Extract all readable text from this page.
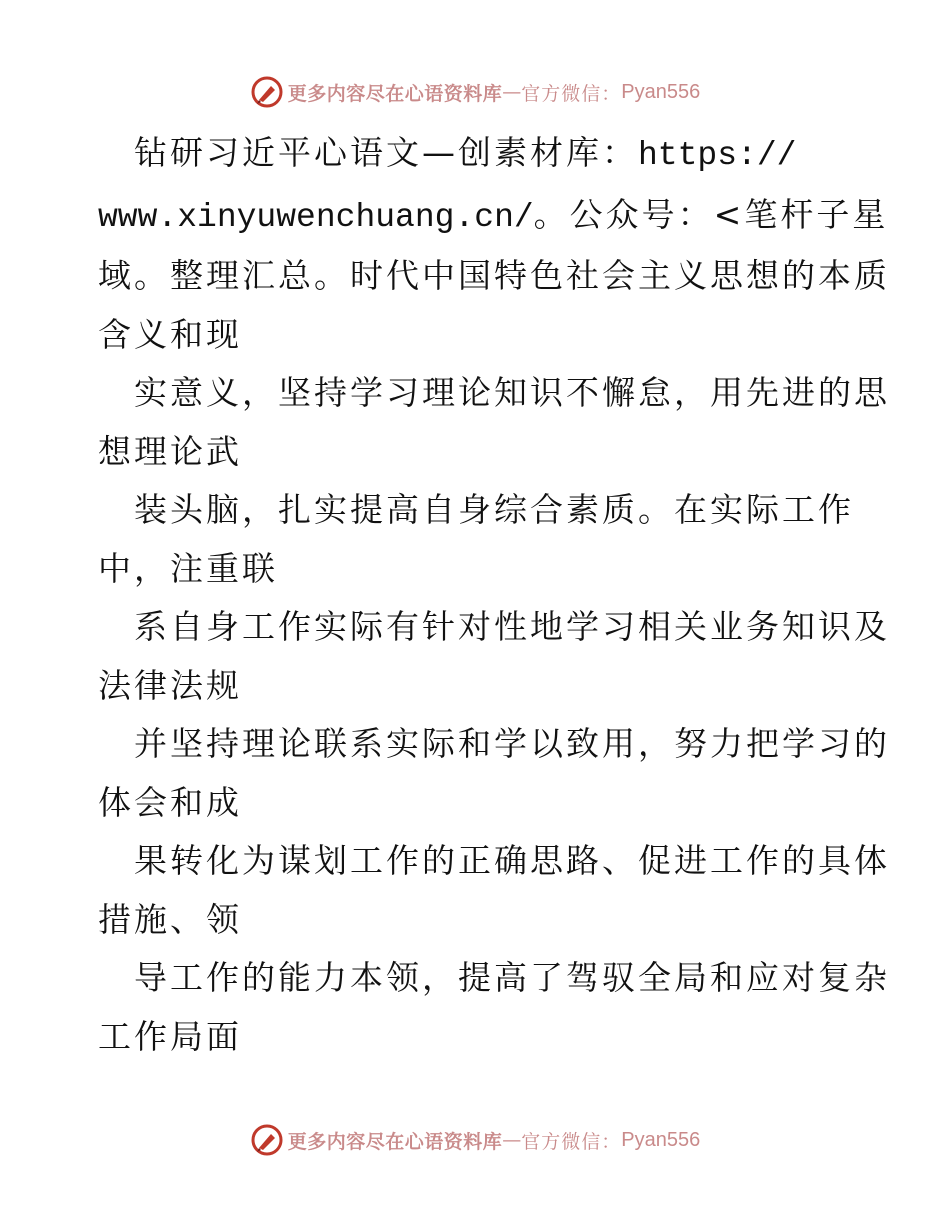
更多内容尽在心语资料库 — 官方微信： Pyan556
　钻研习近平心语文—创素材库：https://
www.xinyuwenchuang.cn/。公众号：<笔杆子星
域。整理汇总。时代中国特色社会主义思想的本质
含义和现
　实意义，坚持学习理论知识不懈怠，用先进的思
想理论武
　装头脑，扎实提高自身综合素质。在实际工作
中，注重联
　系自身工作实际有针对性地学习相关业务知识及
法律法规
　并坚持理论联系实际和学以致用，努力把学习的
体会和成
　果转化为谋划工作的正确思路、促进工作的具体
措施、领
　导工作的能力本领，提高了驾驭全局和应对复杂
工作局面
更多内容尽在心语资料库 — 官方微信： Pyan556
